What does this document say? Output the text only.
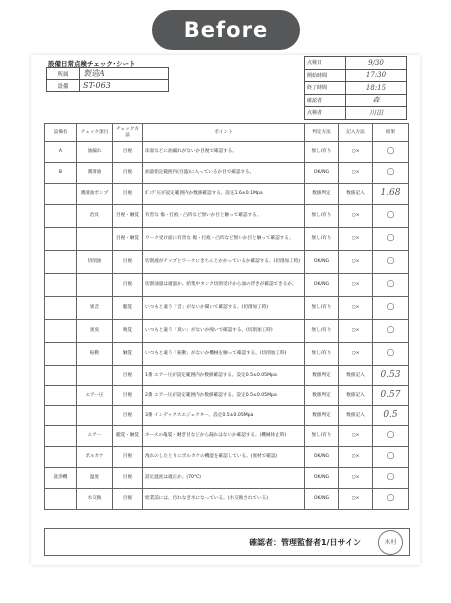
Before
設備日常点検チェック･シート
所属	製造A
設備	ST-063
点検日	9/30
開始時間	17:30
終了時間	18:15
確認者	森
点検者	川田
設備名	チェック項目	チェック方法	ポイント	判定方法	記入方法	結果
A	油漏れ	目視	床面などに油漏れがないか目視で確認する。	無し/有り	○×	○
B	潤滑油	目視	油量指定範囲内(目盛)に入っているか目で確認する。	OK/NG	○×	○
	潤滑油ポンプ	目視	ﾎﾟﾝﾌﾟ圧が設定範囲内か数値確認する。設定1.6±0.1Mpa	数値判定	数値記入	1.68
	治具	目視・触覚	有害な 傷・打痕・凸凹など無いか目と触って確認する。	無し/有り	○×	○
		目視・触覚	ワーク受け面に有害な 傷・打痕・凸凹など無いか目と触って確認する。	無し/有り	○×	○
	切削油	目視	切削液がチップとワークにきちんとかかっているか確認する。(切削加工時)	OK/NG	○×	○
		目視	切削油量は適量か。給集中タンク切削受けから油の浮きが確認できるか。	OK/NG	○×	○
	異音	聴覚	いつもと違う「音」がないか聞いて確認する。(切削加工時)	無し/有り	○×	○
	異臭	嗅覚	いつもと違う「臭い」がないか嗅いで確認する。(切削加工時)	無し/有り	○×	○
	振動	触覚	いつもと違う「振動」がないか機械を触って確認する。(切削加工時)	無し/有り	○×	○
		目視	1番 エアー圧が設定範囲内か数値確認する。設定0.5±0.05Mpa	数値判定	数値記入	0.53
	エアー圧	目視	2番 エアー圧が設定範囲内か数値確認する。設定0.5±0.05Mpa	数値判定	数値記入	0.57
		目視	3番 インデックスエジェクター。設定0.5±0.05Mpa	数値判定	数値記入	0.5
	エアー	聴覚・触覚	ホースの亀裂・継ぎ目などから漏れはないか確認する。(機械休止時)	無し/有り	○×	○
	ボルカケ	目視	洩れのしたとりにボルカケの機能を確認している。(異材で確認)	OK/NG	○×	○
洗浄機	温度	目視	設定温度は適正か。(70℃)	OK/NG	○×	○
	水交換	目視	給業前には、汚れなき水になっている。(水交換されている)	OK/NG	○×	○
確認者：管理監督者1/日サイン	木村
